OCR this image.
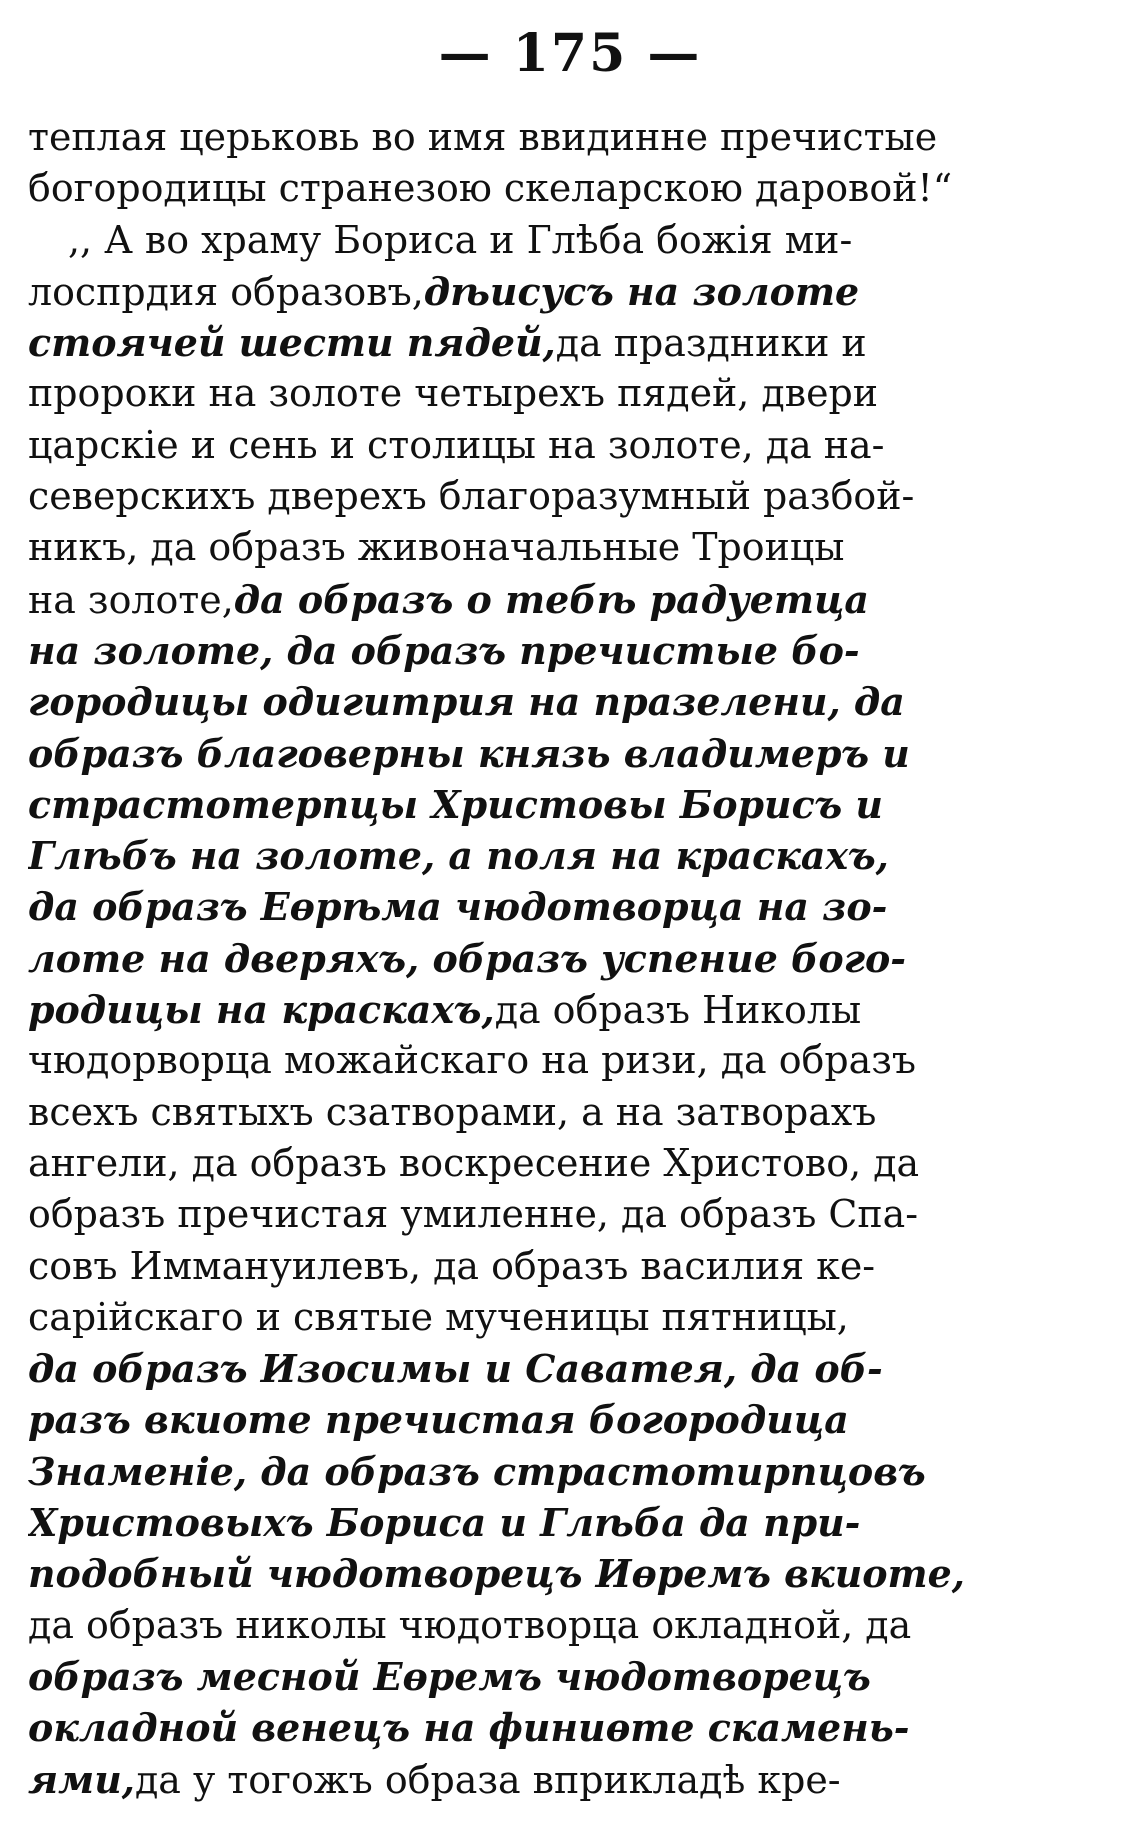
— 175 —
теплая церьковь во имя ввидинне пречистые
богородицы странезою скеларскою даровой!“
,, А во храму Бориса и Глѣба божія ми-
лоспрдия образовъ,дѣисусъ на золоте
стоячей шести пядей,да праздники и
пророки на золоте четырехъ пядей, двери
царскіе и сень и столицы на золоте, да на-
северскихъ дверехъ благоразумный разбой-
никъ, да образъ живоначальные Троицы
на золоте,да образъ о тебѣ радуетца
на золоте, да образъ пречистые бо-
городицы одигитрия на празелени, да
образъ благоверны князь владимеръ и
страстотерпцы Христовы Борисъ и
Глѣбъ на золоте, а поля на краскахъ,
да образъ Еөрѣма чюдотворца на зо-
лоте на дверяхъ, образъ успение бого-
родицы на краскахъ,да образъ Николы
чюдорворца можайскаго на ризи, да образъ
всехъ святыхъ сзатворами, а на затворахъ
ангели, да образъ воскресение Христово, да
образъ пречистая умиленне, да образъ Спа-
совъ Иммануилевъ, да образъ василия ке-
сарійскаго и святые мученицы пятницы,
да образъ Изосимы и Саватея, да об-
разъ вкиоте пречистая богородица
Знаменіе, да образъ страстотирпцовъ
Христовыхъ Бориса и Глѣба да при-
подобный чюдотворецъ Иөремъ вкиоте,
да образъ николы чюдотворца окладной, да
образъ месной Еөремъ чюдотворецъ
окладной венецъ на финиѳте скамень-
ями,да у тогожъ образа вприкладѣ кре-
